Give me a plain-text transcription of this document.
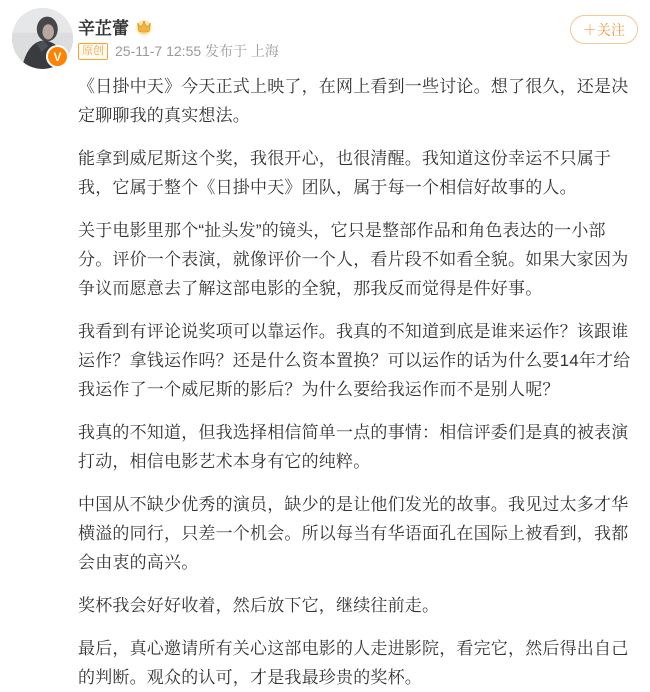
V
辛芷蕾
原创 25-11-7 12:55 发布于 上海
＋关注

《日掛中天》今天正式上映了，在网上看到一些讨论。想了很久，还是决定聊聊我的真实想法。

能拿到威尼斯这个奖，我很开心，也很清醒。我知道这份幸运不只属于我，它属于整个《日掛中天》团队，属于每一个相信好故事的人。

关于电影里那个“扯头发”的镜头，它只是整部作品和角色表达的一小部分。评价一个表演，就像评价一个人，看片段不如看全貌。如果大家因为争议而愿意去了解这部电影的全貌，那我反而觉得是件好事。

我看到有评论说奖项可以靠运作。我真的不知道到底是谁来运作？该跟谁运作？拿钱运作吗？还是什么资本置换？可以运作的话为什么要14年才给我运作了一个威尼斯的影后？为什么要给我运作而不是别人呢？

我真的不知道，但我选择相信简单一点的事情：相信评委们是真的被表演打动，相信电影艺术本身有它的纯粹。

中国从不缺少优秀的演员，缺少的是让他们发光的故事。我见过太多才华横溢的同行，只差一个机会。所以每当有华语面孔在国际上被看到，我都会由衷的高兴。

奖杯我会好好收着，然后放下它，继续往前走。

最后，真心邀请所有关心这部电影的人走进影院，看完它，然后得出自己的判断。观众的认可，才是我最珍贵的奖杯。
